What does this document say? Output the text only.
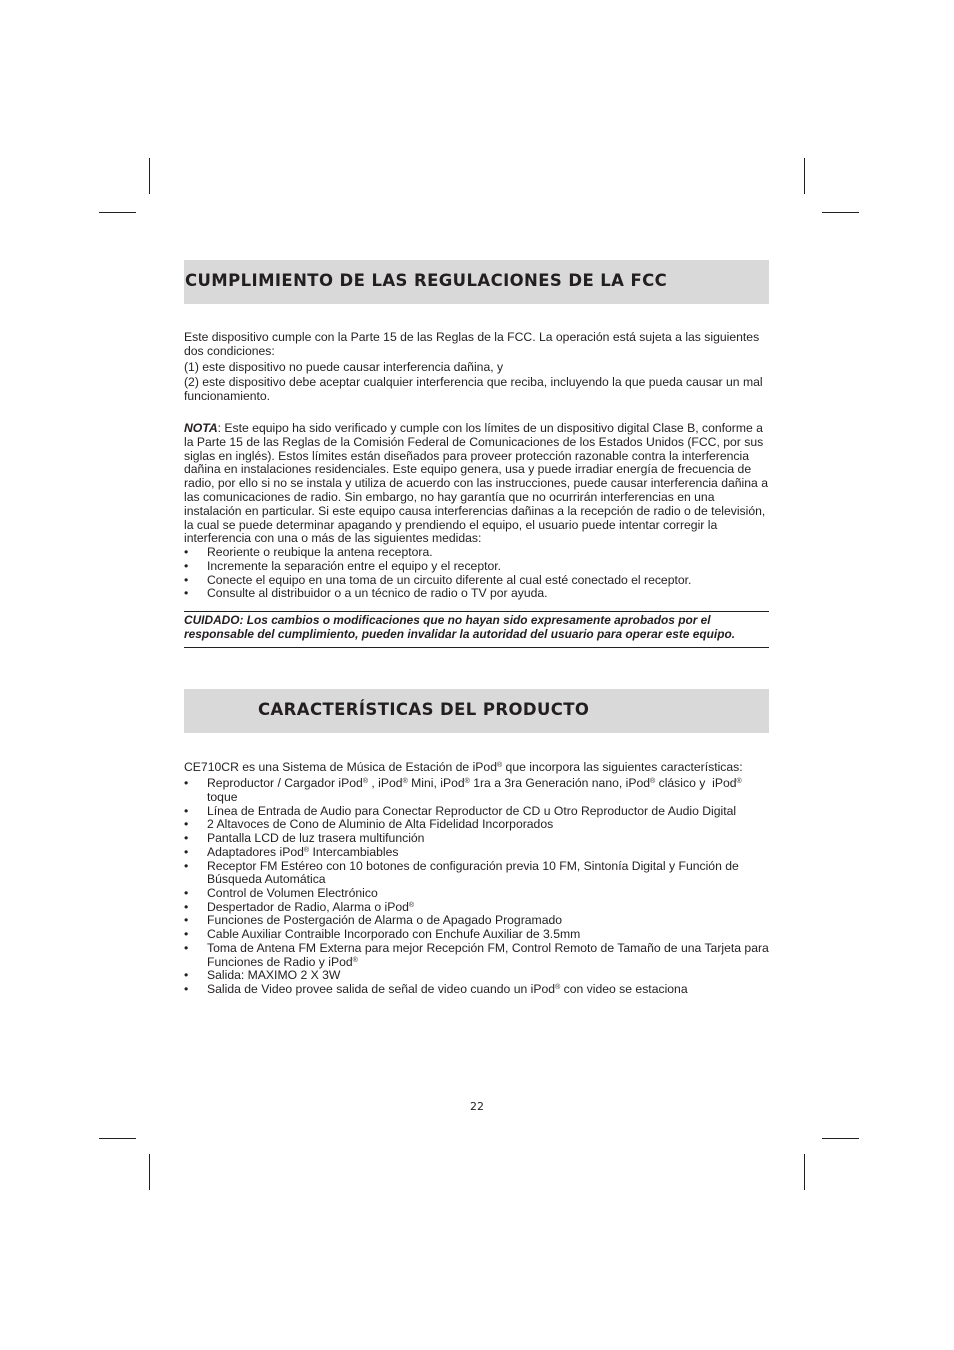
CUMPLIMIENTO DE LAS REGULACIONES DE LA FCC

Este dispositivo cumple con la Parte 15 de las Reglas de la FCC. La operación está sujeta a las siguientes dos condiciones:

(1) este dispositivo no puede causar interferencia dañina, y

(2) este dispositivo debe aceptar cualquier interferencia que reciba, incluyendo la que pueda causar un mal funcionamiento.

NOTA: Este equipo ha sido verificado y cumple con los límites de un dispositivo digital Clase B, conforme a la Parte 15 de las Reglas de la Comisión Federal de Comunicaciones de los Estados Unidos (FCC, por sus siglas en inglés). Estos límites están diseñados para proveer protección razonable contra la interferencia dañina en instalaciones residenciales. Este equipo genera, usa y puede irradiar energía de frecuencia de radio, por ello si no se instala y utiliza de acuerdo con las instrucciones, puede causar interferencia dañina a las comunicaciones de radio. Sin embargo, no hay garantía que no ocurrirán interferencias en una instalación en particular. Si este equipo causa interferencias dañinas a la recepción de radio o de televisión, la cual se puede determinar apagando y prendiendo el equipo, el usuario puede intentar corregir la interferencia con una o más de las siguientes medidas:

• Reoriente o reubique la antena receptora.
• Incremente la separación entre el equipo y el receptor.
• Conecte el equipo en una toma de un circuito diferente al cual esté conectado el receptor.
• Consulte al distribuidor o a un técnico de radio o TV por ayuda.
CUIDADO: Los cambios o modificaciones que no hayan sido expresamente aprobados por el responsable del cumplimiento, pueden invalidar la autoridad del usuario para operar este equipo.
CARACTERÍSTICAS DEL PRODUCTO

CE710CR es una Sistema de Música de Estación de iPod® que incorpora las siguientes características:

• Reproductor / Cargador iPod® , iPod® Mini, iPod® 1ra a 3ra Generación nano, iPod® clásico y  iPod® toque
• Línea de Entrada de Audio para Conectar Reproductor de CD u Otro Reproductor de Audio Digital
• 2 Altavoces de Cono de Aluminio de Alta Fidelidad Incorporados
• Pantalla LCD de luz trasera multifunción
• Adaptadores iPod® Intercambiables
• Receptor FM Estéreo con 10 botones de configuración previa 10 FM, Sintonía Digital y Función de Búsqueda Automática
• Control de Volumen Electrónico
• Despertador de Radio, Alarma o iPod®
• Funciones de Postergación de Alarma o de Apagado Programado
• Cable Auxiliar Contraible Incorporado con Enchufe Auxiliar de 3.5mm
• Toma de Antena FM Externa para mejor Recepción FM, Control Remoto de Tamaño de una Tarjeta para Funciones de Radio y iPod®
• Salida: MAXIMO 2 X 3W
• Salida de Video provee salida de señal de video cuando un iPod® con video se estaciona
22
